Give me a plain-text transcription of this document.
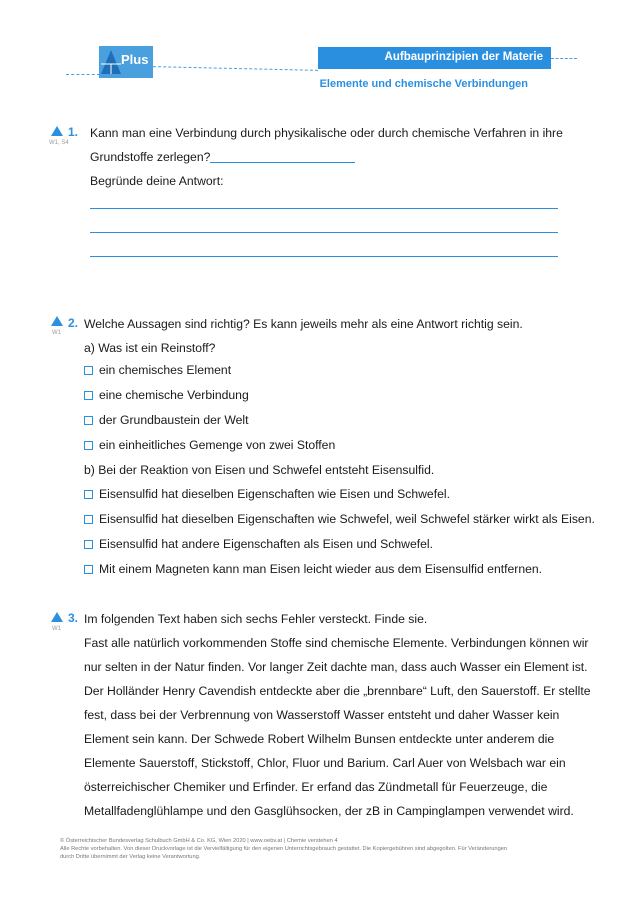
Plus	Aufbauprinzipien der Materie
Elemente und chemische Verbindungen
1.
W1, S4
Kann man eine Verbindung durch physikalische oder durch chemische Verfahren in ihre
Grundstoffe zerlegen?
Begründe deine Antwort:
2.
W1
Welche Aussagen sind richtig? Es kann jeweils mehr als eine Antwort richtig sein.
a) Was ist ein Reinstoff?
ein chemisches Element
eine chemische Verbindung
der Grundbaustein der Welt
ein einheitliches Gemenge von zwei Stoffen
b) Bei der Reaktion von Eisen und Schwefel entsteht Eisensulfid.
Eisensulfid hat dieselben Eigenschaften wie Eisen und Schwefel.
Eisensulfid hat dieselben Eigenschaften wie Schwefel, weil Schwefel stärker wirkt als Eisen.
Eisensulfid hat andere Eigenschaften als Eisen und Schwefel.
Mit einem Magneten kann man Eisen leicht wieder aus dem Eisensulfid entfernen.
3.
W1
Im folgenden Text haben sich sechs Fehler versteckt. Finde sie.
Fast alle natürlich vorkommenden Stoffe sind chemische Elemente. Verbindungen können wir
nur selten in der Natur finden. Vor langer Zeit dachte man, dass auch Wasser ein Element ist.
Der Holländer Henry Cavendish entdeckte aber die „brennbare“ Luft, den Sauerstoff. Er stellte
fest, dass bei der Verbrennung von Wasserstoff Wasser entsteht und daher Wasser kein
Element sein kann. Der Schwede Robert Wilhelm Bunsen entdeckte unter anderem die
Elemente Sauerstoff, Stickstoff, Chlor, Fluor und Barium. Carl Auer von Welsbach war ein
österreichischer Chemiker und Erfinder. Er erfand das Zündmetall für Feuerzeuge, die
Metallfadenglühlampe und den Gasglühsocken, der zB in Campinglampen verwendet wird.
© Österreichischer Bundesverlag Schulbuch GmbH & Co. KG, Wien 2020 | www.oebv.at | Chemie verstehen 4
Alle Rechte vorbehalten. Von dieser Druckvorlage ist die Vervielfältigung für den eigenen Unterrichtsgebrauch gestattet. Die Kopiergebühren sind abgegolten. Für Veränderungen
durch Dritte übernimmt der Verlag keine Verantwortung.
